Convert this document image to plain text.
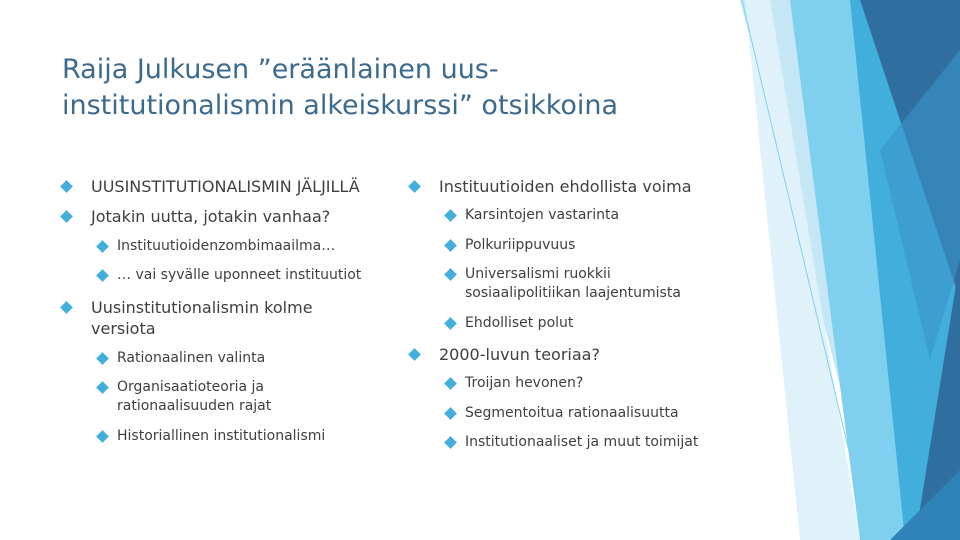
Raija Julkusen ”eräänlainen uus-
institutionalismin alkeiskurssi” otsikkoina
UUSINSTITUTIONALISMIN JÄLJILLÄ
Jotakin uutta, jotakin vanhaa?
Instituutioidenzombimaailma…
… vai syvälle uponneet instituutiot
Uusinstitutionalismin kolme
versiota
Rationaalinen valinta
Organisaatioteoria ja
rationaalisuuden rajat
Historiallinen institutionalismi
Instituutioiden ehdollista voima
Karsintojen vastarinta
Polkuriippuvuus
Universalismi ruokkii
sosiaalipolitiikan laajentumista
Ehdolliset polut
2000-luvun teoriaa?
Troijan hevonen?
Segmentoitua rationaalisuutta
Institutionaaliset ja muut toimijat
